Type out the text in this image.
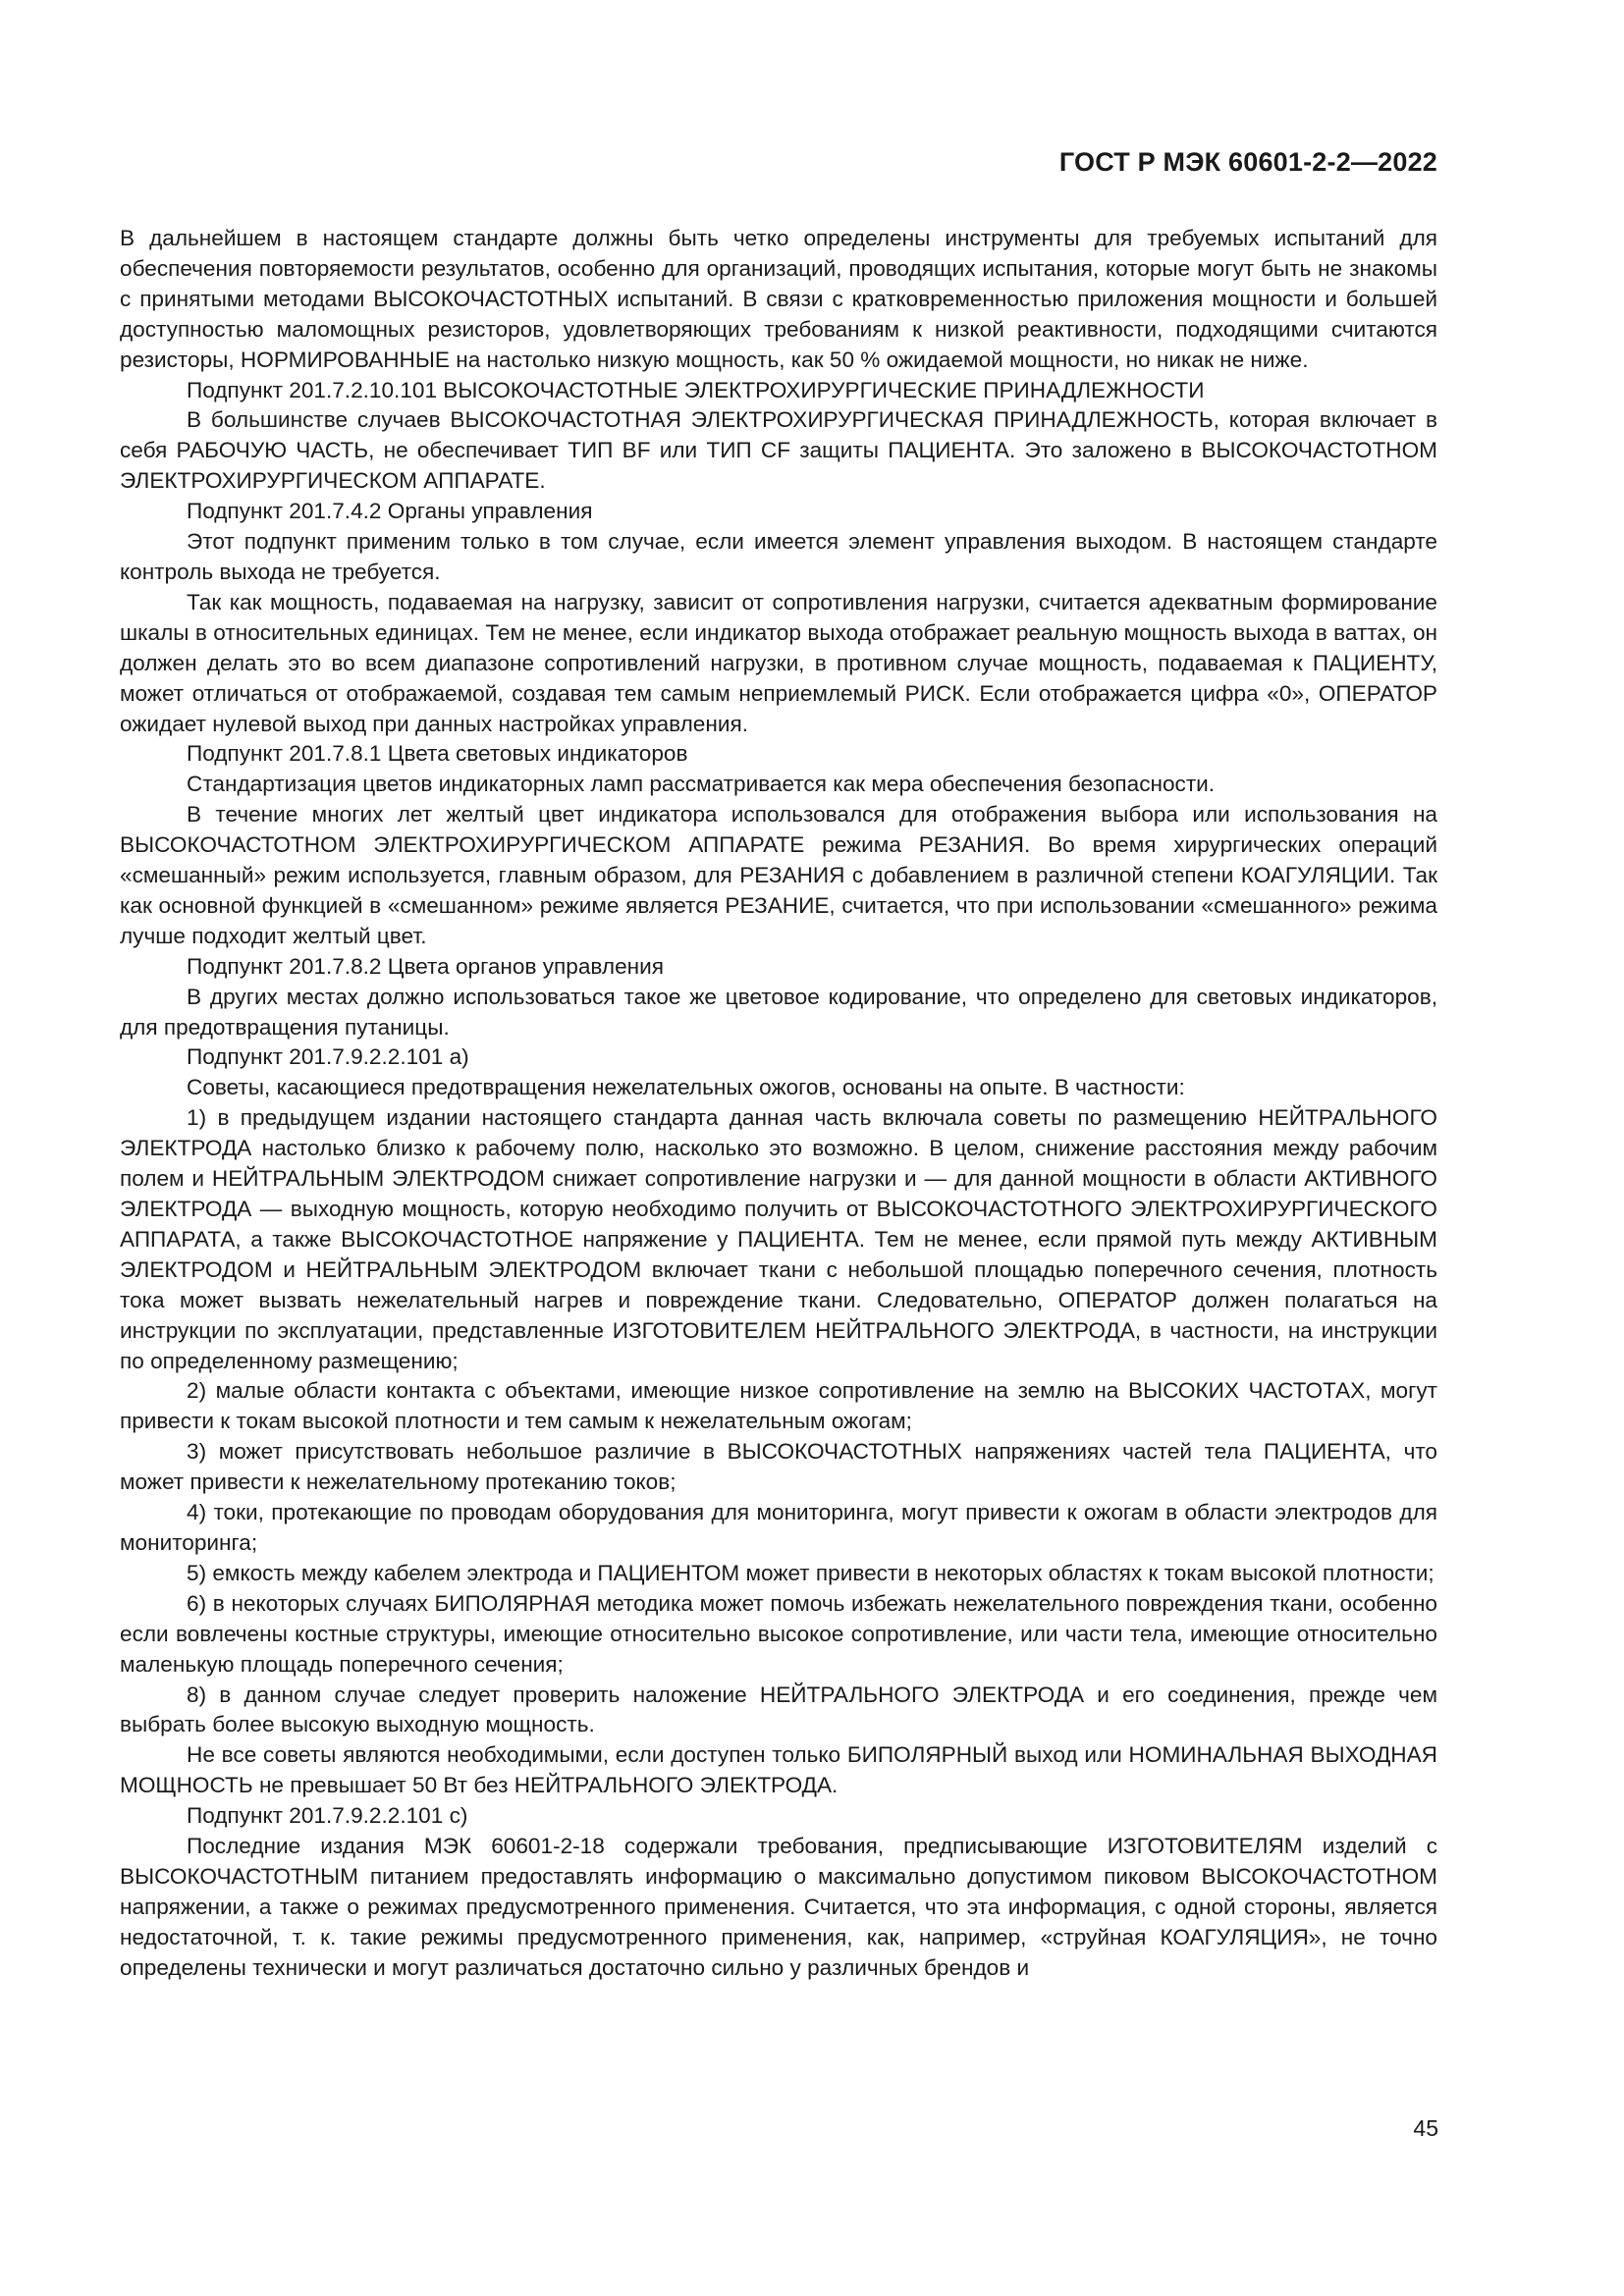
ГОСТ Р МЭК 60601-2-2—2022

В дальнейшем в настоящем стандарте должны быть четко определены инструменты для требуемых испытаний для обеспечения повторяемости результатов, особенно для организаций, проводящих испытания, которые могут быть не знакомы с принятыми методами ВЫСОКОЧАСТОТНЫХ испытаний. В связи с кратковременностью приложения мощности и большей доступностью маломощных резисторов, удовлетворяющих требованиям к низкой реактивности, подходящими считаются резисторы, НОРМИРОВАННЫЕ на настолько низкую мощность, как 50 % ожидаемой мощности, но никак не ниже.

Подпункт 201.7.2.10.101 ВЫСОКОЧАСТОТНЫЕ ЭЛЕКТРОХИРУРГИЧЕСКИЕ ПРИНАДЛЕЖНОСТИ

В большинстве случаев ВЫСОКОЧАСТОТНАЯ ЭЛЕКТРОХИРУРГИЧЕСКАЯ ПРИНАДЛЕЖНОСТЬ, которая включает в себя РАБОЧУЮ ЧАСТЬ, не обеспечивает ТИП BF или ТИП CF защиты ПАЦИЕНТА. Это заложено в ВЫСОКОЧАСТОТНОМ ЭЛЕКТРОХИРУРГИЧЕСКОМ АППАРАТЕ.

Подпункт 201.7.4.2 Органы управления

Этот подпункт применим только в том случае, если имеется элемент управления выходом. В настоящем стандарте контроль выхода не требуется.

Так как мощность, подаваемая на нагрузку, зависит от сопротивления нагрузки, считается адекватным формирование шкалы в относительных единицах. Тем не менее, если индикатор выхода отображает реальную мощность выхода в ваттах, он должен делать это во всем диапазоне сопротивлений нагрузки, в противном случае мощность, подаваемая к ПАЦИЕНТУ, может отличаться от отображаемой, создавая тем самым неприемлемый РИСК. Если отображается цифра «0», ОПЕРАТОР ожидает нулевой выход при данных настройках управления.

Подпункт 201.7.8.1 Цвета световых индикаторов

Стандартизация цветов индикаторных ламп рассматривается как мера обеспечения безопасности.

В течение многих лет желтый цвет индикатора использовался для отображения выбора или использования на ВЫСОКОЧАСТОТНОМ ЭЛЕКТРОХИРУРГИЧЕСКОМ АППАРАТЕ режима РЕЗАНИЯ. Во время хирургических операций «смешанный» режим используется, главным образом, для РЕЗАНИЯ с добавлением в различной степени КОАГУЛЯЦИИ. Так как основной функцией в «смешанном» режиме является РЕЗАНИЕ, считается, что при использовании «смешанного» режима лучше подходит желтый цвет.

Подпункт 201.7.8.2 Цвета органов управления

В других местах должно использоваться такое же цветовое кодирование, что определено для световых индикаторов, для предотвращения путаницы.

Подпункт 201.7.9.2.2.101 а)

Советы, касающиеся предотвращения нежелательных ожогов, основаны на опыте. В частности:

1) в предыдущем издании настоящего стандарта данная часть включала советы по размещению НЕЙТРАЛЬНОГО ЭЛЕКТРОДА настолько близко к рабочему полю, насколько это возможно. В целом, снижение расстояния между рабочим полем и НЕЙТРАЛЬНЫМ ЭЛЕКТРОДОМ снижает сопротивление нагрузки и — для данной мощности в области АКТИВНОГО ЭЛЕКТРОДА — выходную мощность, которую необходимо получить от ВЫСОКОЧАСТОТНОГО ЭЛЕКТРОХИРУРГИЧЕСКОГО АППАРАТА, а также ВЫСОКОЧАСТОТНОЕ напряжение у ПАЦИЕНТА. Тем не менее, если прямой путь между АКТИВНЫМ ЭЛЕКТРОДОМ и НЕЙТРАЛЬНЫМ ЭЛЕКТРОДОМ включает ткани с небольшой площадью поперечного сечения, плотность тока может вызвать нежелательный нагрев и повреждение ткани. Следовательно, ОПЕРАТОР должен полагаться на инструкции по эксплуатации, представленные ИЗГОТОВИТЕЛЕМ НЕЙТРАЛЬНОГО ЭЛЕКТРОДА, в частности, на инструкции по определенному размещению;

2) малые области контакта с объектами, имеющие низкое сопротивление на землю на ВЫСОКИХ ЧАСТОТАХ, могут привести к токам высокой плотности и тем самым к нежелательным ожогам;

3) может присутствовать небольшое различие в ВЫСОКОЧАСТОТНЫХ напряжениях частей тела ПАЦИЕНТА, что может привести к нежелательному протеканию токов;

4) токи, протекающие по проводам оборудования для мониторинга, могут привести к ожогам в области электродов для мониторинга;

5) емкость между кабелем электрода и ПАЦИЕНТОМ может привести в некоторых областях к токам высокой плотности;

6) в некоторых случаях БИПОЛЯРНАЯ методика может помочь избежать нежелательного повреждения ткани, особенно если вовлечены костные структуры, имеющие относительно высокое сопротивление, или части тела, имеющие относительно маленькую площадь поперечного сечения;

8) в данном случае следует проверить наложение НЕЙТРАЛЬНОГО ЭЛЕКТРОДА и его соединения, прежде чем выбрать более высокую выходную мощность.

Не все советы являются необходимыми, если доступен только БИПОЛЯРНЫЙ выход или НОМИНАЛЬНАЯ ВЫХОДНАЯ МОЩНОСТЬ не превышает 50 Вт без НЕЙТРАЛЬНОГО ЭЛЕКТРОДА.

Подпункт 201.7.9.2.2.101 с)

Последние издания МЭК 60601-2-18 содержали требования, предписывающие ИЗГОТОВИТЕЛЯМ изделий с ВЫСОКОЧАСТОТНЫМ питанием предоставлять информацию о максимально допустимом пиковом ВЫСОКОЧАСТОТНОМ напряжении, а также о режимах предусмотренного применения. Считается, что эта информация, с одной стороны, является недостаточной, т. к. такие режимы предусмотренного применения, как, например, «струйная КОАГУЛЯЦИЯ», не точно определены технически и могут различаться достаточно сильно у различных брендов и

45
